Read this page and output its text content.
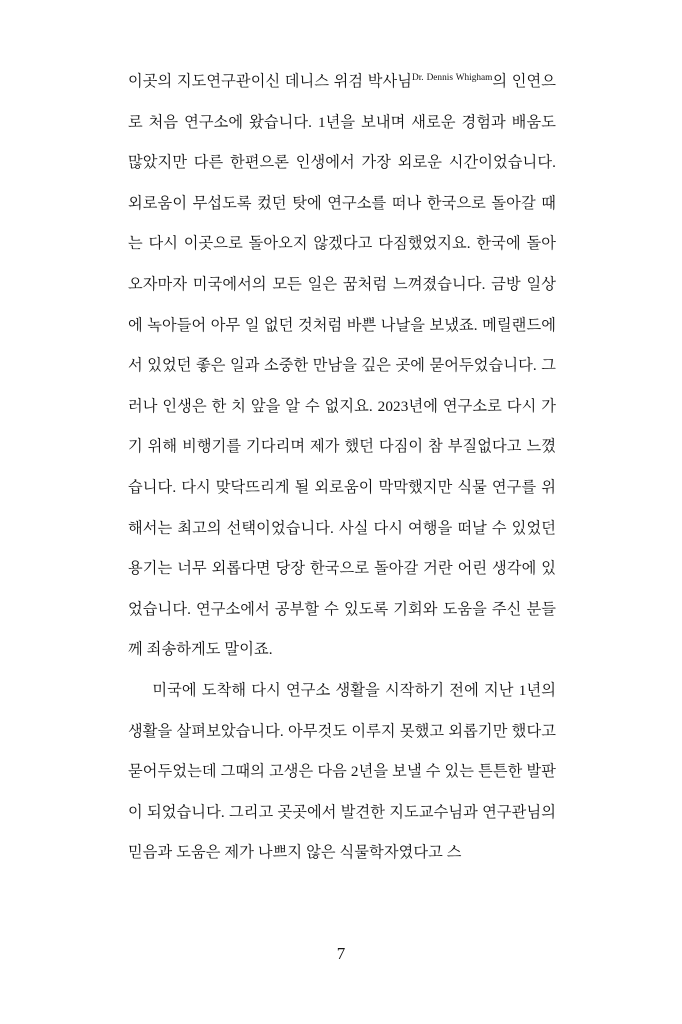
이곳의 지도연구관이신 데니스 위검 박사님$^{Dr. Dennis Whigham}$의 인연으로 처음 연구소에 왔습니다. 1년을 보내며 새로운 경험과 배움도 많았지만 다른 한편으론 인생에서 가장 외로운 시간이었습니다. 외로움이 무섭도록 컸던 탓에 연구소를 떠나 한국으로 돌아갈 때는 다시 이곳으로 돌아오지 않겠다고 다짐했었지요. 한국에 돌아오자마자 미국에서의 모든 일은 꿈처럼 느껴졌습니다. 금방 일상에 녹아들어 아무 일 없던 것처럼 바쁜 나날을 보냈죠. 메릴랜드에서 있었던 좋은 일과 소중한 만남을 깊은 곳에 묻어두었습니다. 그러나 인생은 한 치 앞을 알 수 없지요. 2023년에 연구소로 다시 가기 위해 비행기를 기다리며 제가 했던 다짐이 참 부질없다고 느꼈습니다. 다시 맞닥뜨리게 될 외로움이 막막했지만 식물 연구를 위해서는 최고의 선택이었습니다. 사실 다시 여행을 떠날 수 있었던 용기는 너무 외롭다면 당장 한국으로 돌아갈 거란 어린 생각에 있었습니다. 연구소에서 공부할 수 있도록 기회와 도움을 주신 분들께 죄송하게도 말이죠.

미국에 도착해 다시 연구소 생활을 시작하기 전에 지난 1년의 생활을 살펴보았습니다. 아무것도 이루지 못했고 외롭기만 했다고 묻어두었는데 그때의 고생은 다음 2년을 보낼 수 있는 튼튼한 발판이 되었습니다. 그리고 곳곳에서 발견한 지도교수님과 연구관님의 믿음과 도움은 제가 나쁘지 않은 식물학자였다고 스

7
